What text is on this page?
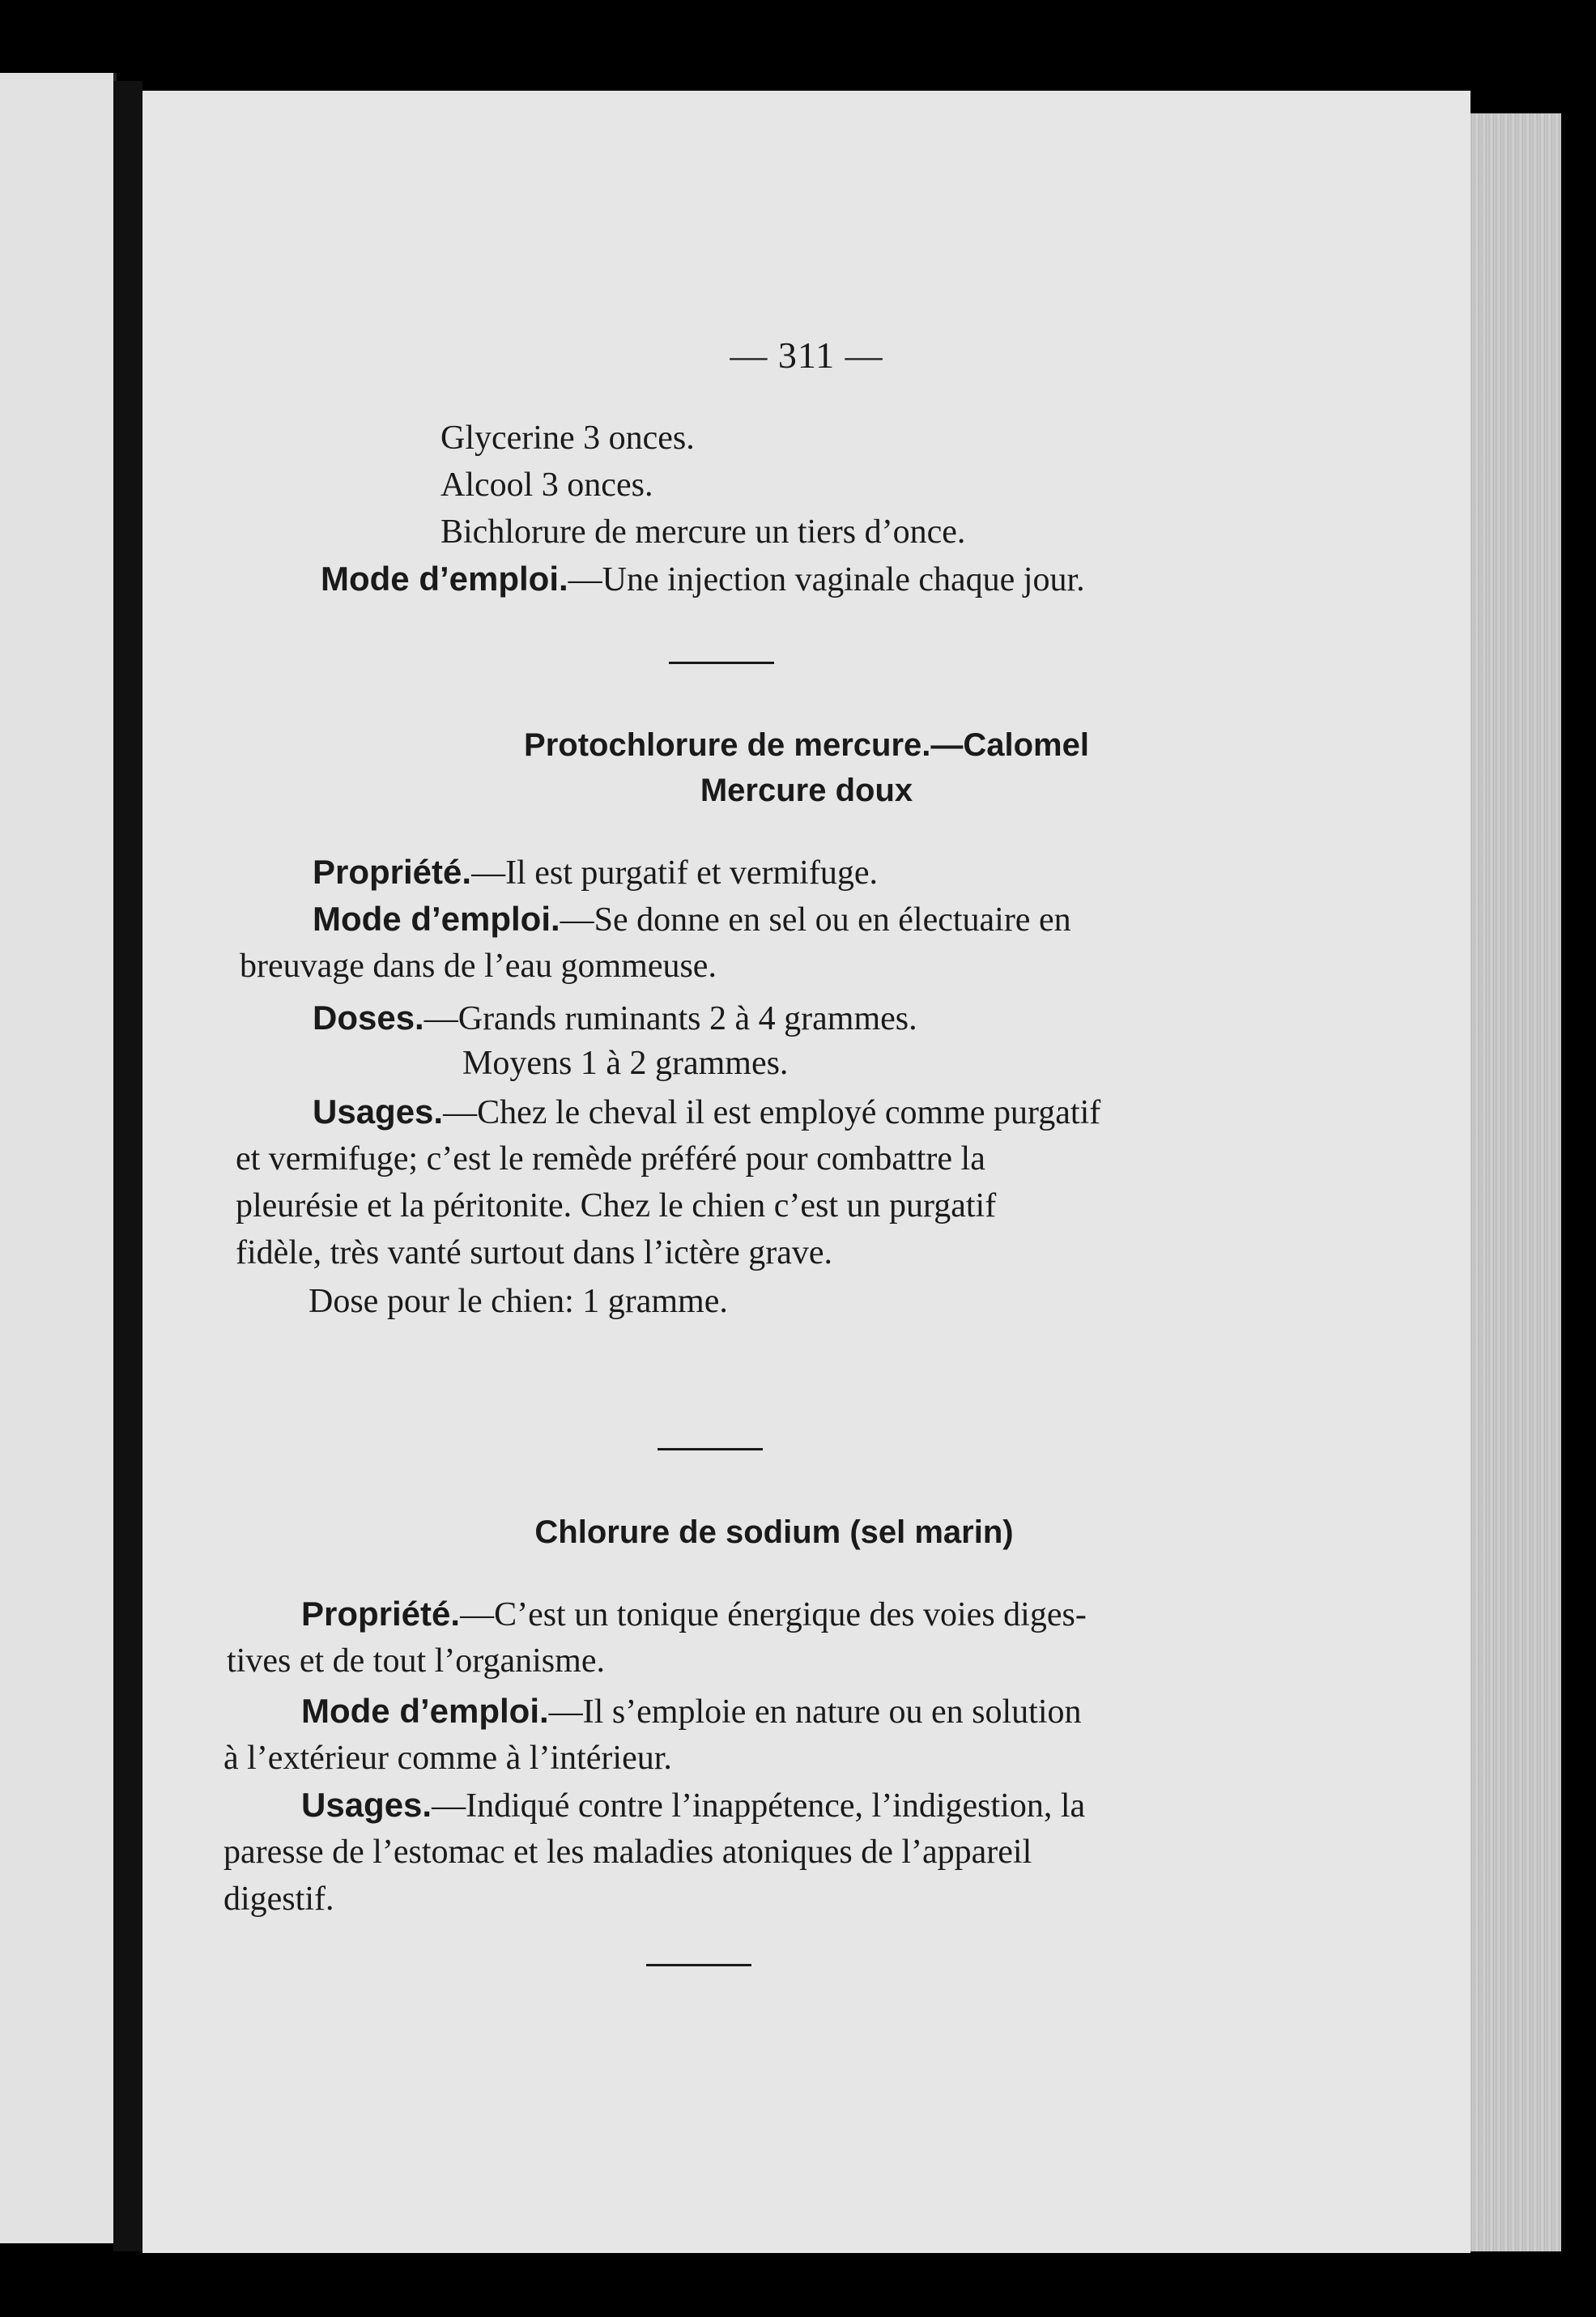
— 311 —
Glycerine 3 onces.
Alcool 3 onces.
Bichlorure de mercure un tiers d’once.
Mode d’emploi.—Une injection vaginale chaque jour.
Protochlorure de mercure.—Calomel
Mercure doux
Propriété.—Il est purgatif et vermifuge.
Mode d’emploi.—Se donne en sel ou en électuaire en
breuvage dans de l’eau gommeuse.
Doses.—Grands ruminants 2 à 4 grammes.
Moyens 1 à 2 grammes.
Usages.—Chez le cheval il est employé comme purgatif
et vermifuge; c’est le remède préféré pour combattre la
pleurésie et la péritonite. Chez le chien c’est un purgatif
fidèle, très vanté surtout dans l’ictère grave.
Dose pour le chien: 1 gramme.
Chlorure de sodium (sel marin)
Propriété.—C’est un tonique énergique des voies diges-
tives et de tout l’organisme.
Mode d’emploi.—Il s’emploie en nature ou en solution
à l’extérieur comme à l’intérieur.
Usages.—Indiqué contre l’inappétence, l’indigestion, la
paresse de l’estomac et les maladies atoniques de l’appareil
digestif.
